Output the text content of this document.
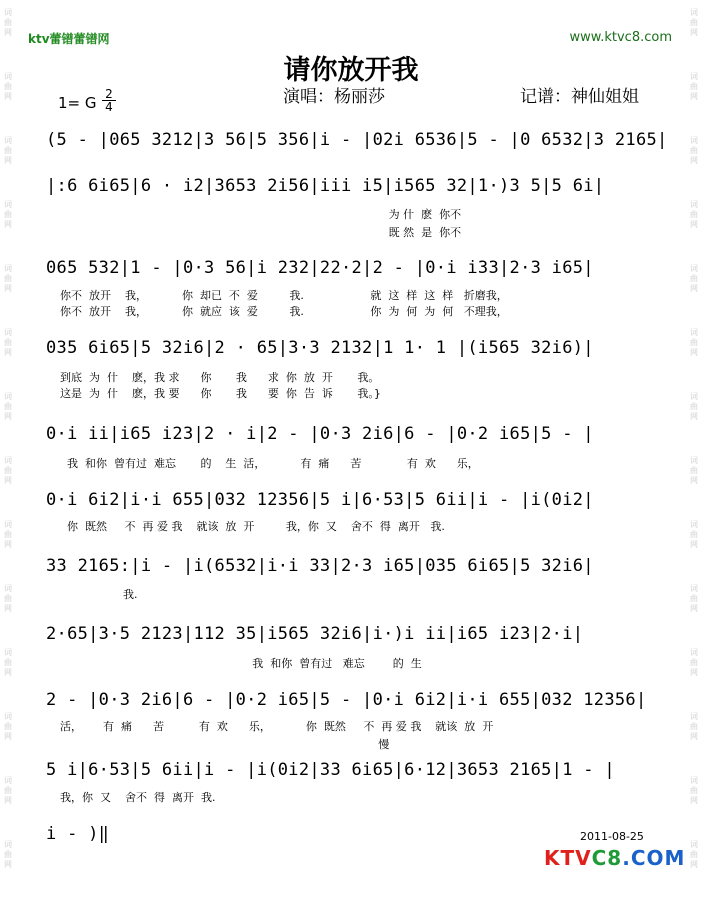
词
曲
网
词
曲
网
词
曲
网
词
曲
网
词
曲
网
词
曲
网
词
曲
网
词
曲
网
词
曲
网
词
曲
网
词
曲
网
词
曲
网
词
曲
网
词
曲
网
词
曲
网
词
曲
网
词
曲
网
词
曲
网
词
曲
网
词
曲
网
词
曲
网
词
曲
网
词
曲
网
词
曲
网
词
曲
网
词
曲
网
词
曲
网
词
曲
网
ktv蕾镨蕾镨网	www.ktvc8.com
请你放开我
1= G 2
4	演唱：杨丽莎	记谱：神仙姐姐
(5 - |065 3212|3 56|5 356|i - |02i 6536|5 - |0 6532|3 2165|
|:6 6i65|6 · i2|3653 2i56|iii i5|i565 32|1·)3 5|5 6i|
为 什  麽  你不
既 然  是  你不
065 532|1 - |0·3 56|i 232|22·2|2 - |0·i i33|2·3 i65|
你不  放开    我，          你  却已  不  爱         我.                   就  这  样  这  样   折磨我，
你不  放开    我，          你  就应  该  爱         我.                   你  为  何  为  何   不理我，
035 6i65|5 32i6|2 · 65|3·3 2132|1 1· 1 |(i565 32i6)|
到底  为  什    麽，我 求      你       我      求  你  放  开       我。
这是  为  什    麽，我 要      你       我      要  你  告  诉       我。}
0·i ii|i65 i23|2 · i|2 - |0·3 2i6|6 - |0·2 i65|5 - |
我  和你  曾有过  难忘       的    生  活，          有  痛      苦             有  欢      乐，
0·i 6i2|i·i 655|032 12356|5 i|6·53|5 6ii|i - |i(0i2|
你  既然     不  再 爱 我    就该  放  开         我，你  又    舍不  得  离开   我.
33 2165:|i - |i(6532|i·i 33|2·3 i65|035 6i65|5 32i6|
我.
2·65|3·5 2123|112 35|i565 32i6|i·)i ii|i65 i23|2·i|
我  和你  曾有过   难忘        的  生
2 - |0·3 2i6|6 - |0·2 i65|5 - |0·i 6i2|i·i 655|032 12356|
活，      有  痛      苦          有  欢      乐，          你  既然     不  再 爱 我    就该  放  开
慢
5 i|6·53|5 6ii|i - |i(0i2|33 6i65|6·12|3653 2165|1 - |
我，你  又    舍不  得  离开  我.
i - )‖	2011-08-25
KTVC8.COM
